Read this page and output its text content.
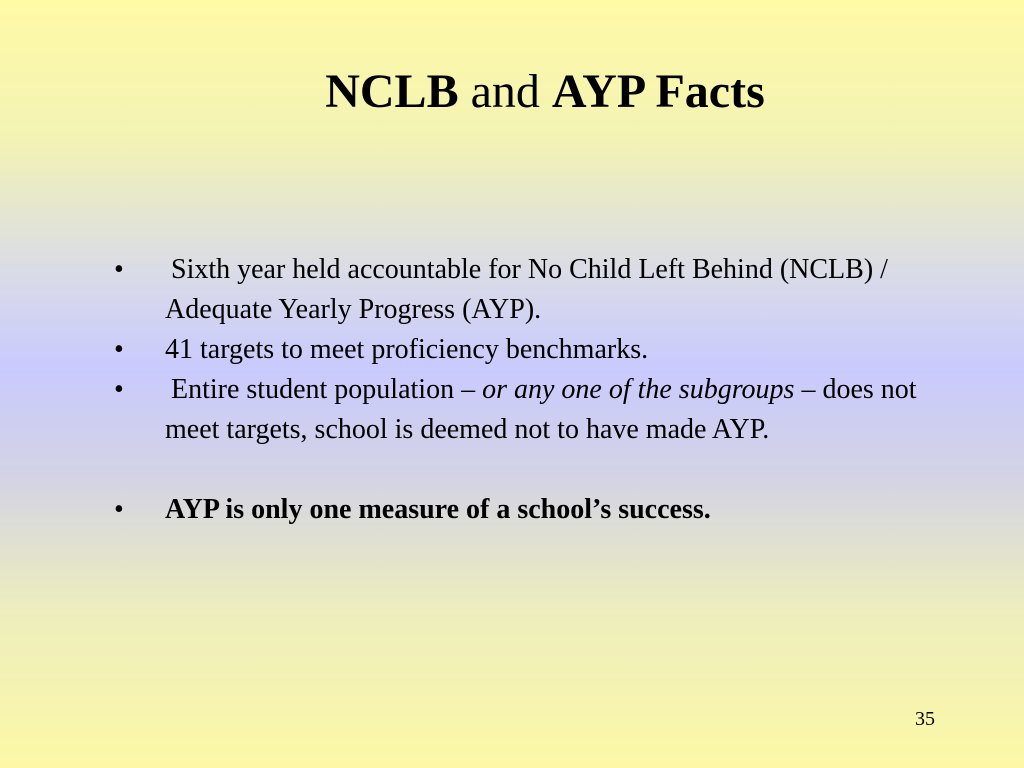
NCLB and AYP Facts
•	Sixth year held accountable for No Child Left Behind (NCLB) / Adequate Yearly Progress (AYP).
•	41 targets to meet proficiency benchmarks.
•	Entire student population – or any one of the subgroups – does not meet targets, school is deemed not to have made AYP.
•	AYP is only one measure of a school’s success.
35
